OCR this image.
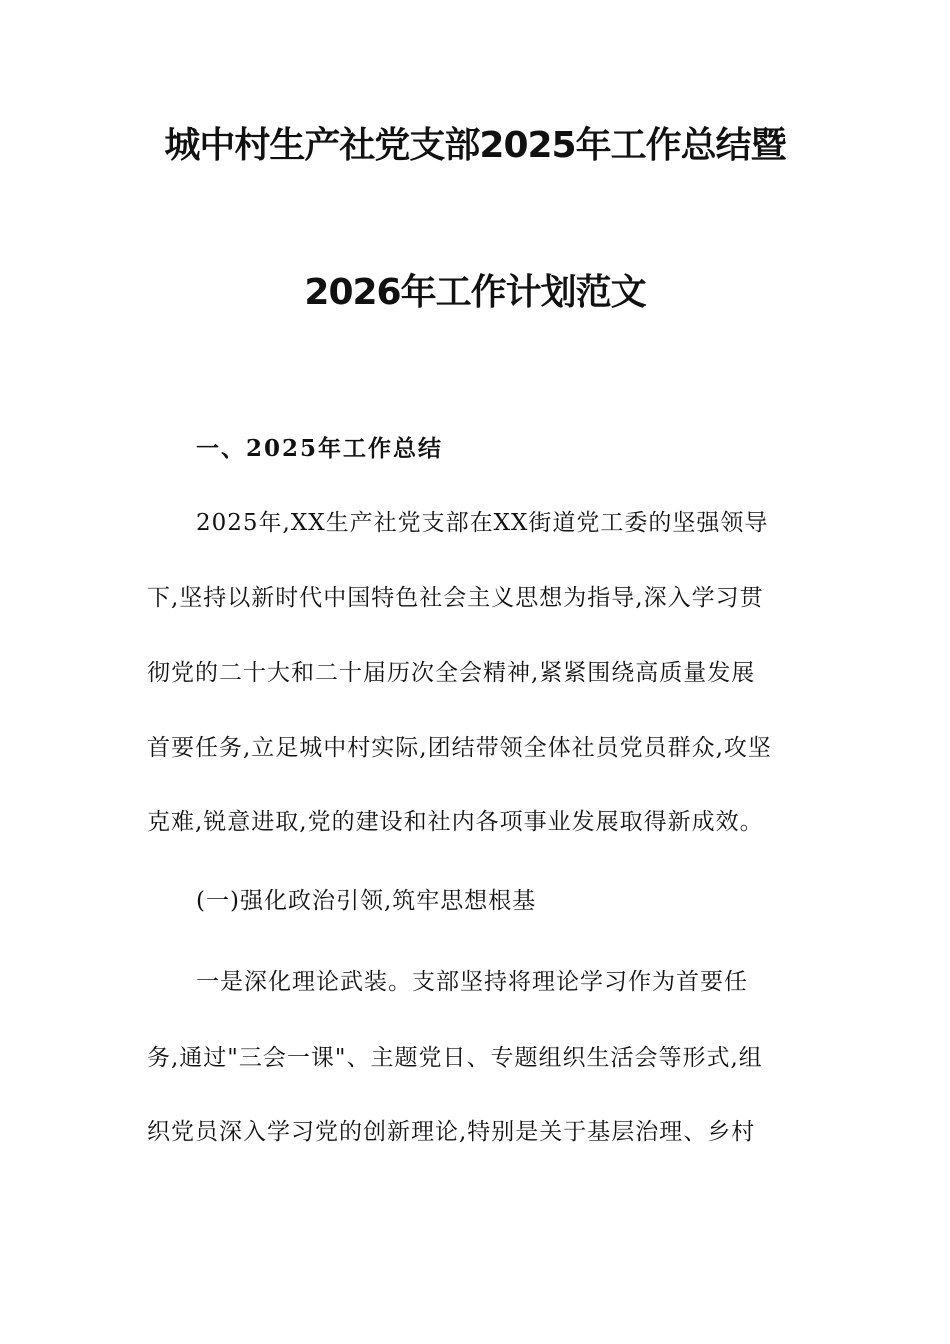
城中村生产社党支部2025年工作总结暨
2026年工作计划范文
一、2025年工作总结
2025年,XX生产社党支部在XX街道党工委的坚强领导
下,坚持以新时代中国特色社会主义思想为指导,深入学习贯
彻党的二十大和二十届历次全会精神,紧紧围绕高质量发展
首要任务,立足城中村实际,团结带领全体社员党员群众,攻坚
克难,锐意进取,党的建设和社内各项事业发展取得新成效。
(一)强化政治引领,筑牢思想根基
一是深化理论武装。支部坚持将理论学习作为首要任
务,通过"三会一课"、主题党日、专题组织生活会等形式,组
织党员深入学习党的创新理论,特别是关于基层治理、乡村
